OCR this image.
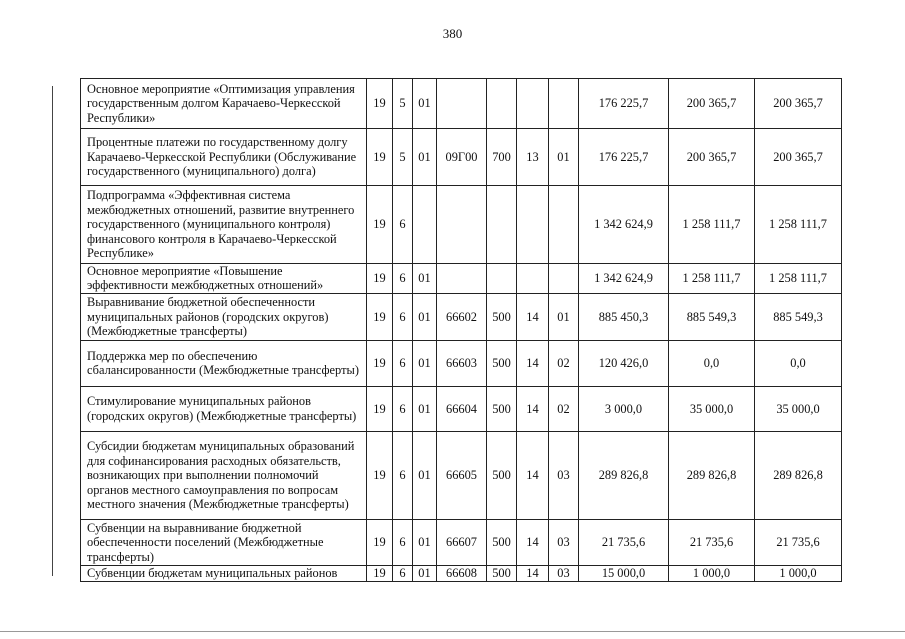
380
Основное мероприятие «Оптимизация управления государственным долгом Карачаево-Черкесской Республики»	19	5	01					176 225,7	200 365,7	200 365,7
Процентные платежи по государственному долгу Карачаево-Черкесской Республики (Обслуживание государственного (муниципального) долга)	19	5	01	09Г00	700	13	01	176 225,7	200 365,7	200 365,7
Подпрограмма «Эффективная система межбюджетных отношений, развитие внутреннего государственного (муниципального контроля) финансового контроля в Карачаево-Черкесской Республике»	19	6						1 342 624,9	1 258 111,7	1 258 111,7
Основное мероприятие «Повышение эффективности межбюджетных отношений»	19	6	01					1 342 624,9	1 258 111,7	1 258 111,7
Выравнивание бюджетной обеспеченности муниципальных районов (городских округов) (Межбюджетные трансферты)	19	6	01	66602	500	14	01	885 450,3	885 549,3	885 549,3
Поддержка мер по обеспечению сбалансированности (Межбюджетные трансферты)	19	6	01	66603	500	14	02	120 426,0	0,0	0,0
Стимулирование муниципальных районов (городских округов) (Межбюджетные трансферты)	19	6	01	66604	500	14	02	3 000,0	35 000,0	35 000,0
Субсидии бюджетам муниципальных образований для софинансирования расходных обязательств, возникающих при выполнении полномочий органов местного самоуправления по вопросам местного значения (Межбюджетные трансферты)	19	6	01	66605	500	14	03	289 826,8	289 826,8	289 826,8
Субвенции на выравнивание бюджетной обеспеченности поселений (Межбюджетные трансферты)	19	6	01	66607	500	14	03	21 735,6	21 735,6	21 735,6
Субвенции бюджетам муниципальных районов	19	6	01	66608	500	14	03	15 000,0	1 000,0	1 000,0
